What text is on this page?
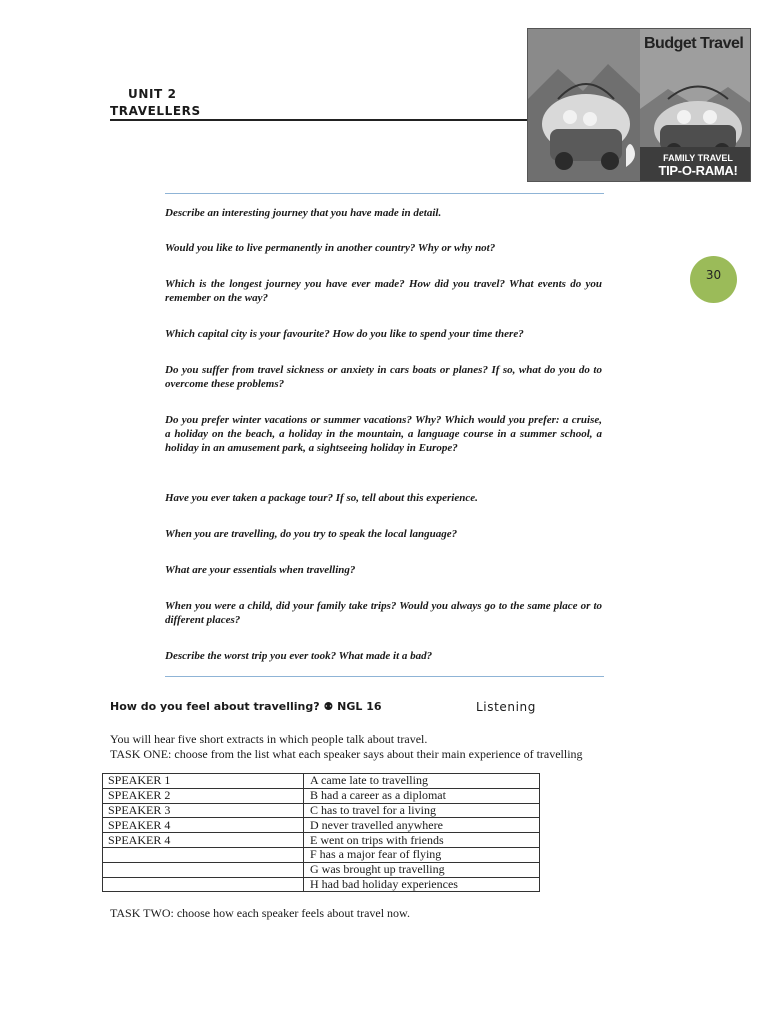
UNIT 2
TRAVELLERS
Budget Travel
FAMILY TRAVEL
TIP-O-RAMA!
Describe an interesting journey that you have made in detail.
Would you like to live permanently in another country? Why or why not?
Which is the longest journey you have ever made? How did you travel? What events do you remember on the way?
Which capital city is your favourite? How do you like to spend your time there?
Do you suffer from travel sickness or anxiety in cars boats or planes? If so, what do you do to overcome these problems?
Do you prefer winter vacations or summer vacations? Why? Which would you prefer: a cruise, a holiday on the beach, a holiday in the mountain, a language course in a summer school, a holiday in an amusement park, a sightseeing holiday in Europe?
Have you ever taken a package tour? If so, tell about this experience.
When you are travelling, do you try to speak the local language?
What are your essentials when travelling?
When you were a child, did your family take trips? Would you always go to the same place or to different places?
Describe the worst trip you ever took? What made it a bad?
30
How do you feel about travelling? ⚉ NGL 16	Listening
You will hear five short extracts in which people talk about travel.
TASK ONE: choose from the list what each speaker says about their main experience of travelling
SPEAKER 1	A came late to travelling
SPEAKER 2	B had a career as a diplomat
SPEAKER 3	C has to travel for a living
SPEAKER 4	D never travelled anywhere
SPEAKER 4	E went on trips with friends
	F has a major fear of flying
	G was brought up travelling
	H had bad holiday experiences
TASK TWO: choose how each speaker feels about travel now.
